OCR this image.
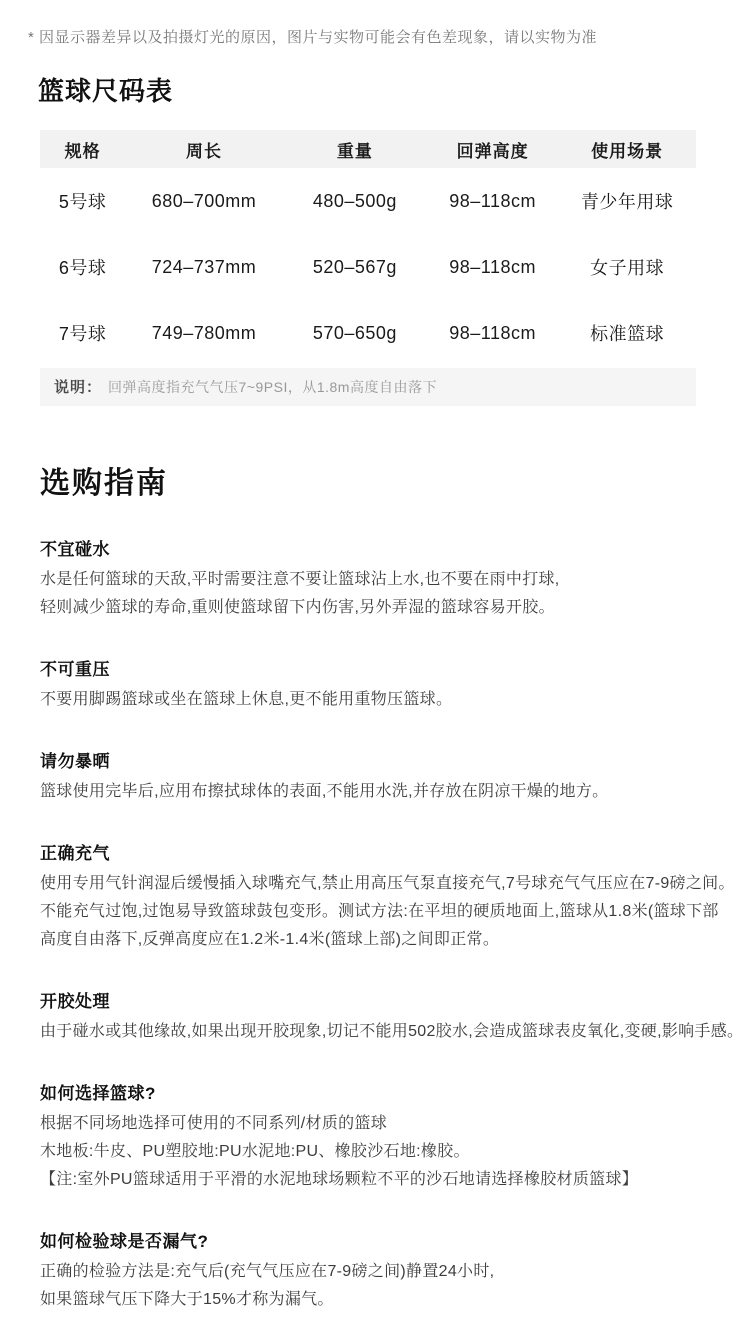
* 因显示器差异以及拍摄灯光的原因，图片与实物可能会有色差现象，请以实物为准
篮球尺码表
规格	周长	重量	回弹高度	使用场景
5号球	680–700mm	480–500g	98–118cm	青少年用球
6号球	724–737mm	520–567g	98–118cm	女子用球
7号球	749–780mm	570–650g	98–118cm	标准篮球
说明： 回弹高度指充气气压7~9PSI，从1.8m高度自由落下
选购指南
不宜碰水
水是任何篮球的天敌,平时需要注意不要让篮球沾上水,也不要在雨中打球,
轻则减少篮球的寿命,重则使篮球留下内伤害,另外弄湿的篮球容易开胶。
不可重压
不要用脚踢篮球或坐在篮球上休息,更不能用重物压篮球。
请勿暴晒
篮球使用完毕后,应用布擦拭球体的表面,不能用水洗,并存放在阴凉干燥的地方。
正确充气
使用专用气针润湿后缓慢插入球嘴充气,禁止用高压气泵直接充气,7号球充气气压应在7-9磅之间。
不能充气过饱,过饱易导致篮球鼓包变形。测试方法:在平坦的硬质地面上,篮球从1.8米(篮球下部
高度自由落下,反弹高度应在1.2米-1.4米(篮球上部)之间即正常。
开胶处理
由于碰水或其他缘故,如果出现开胶现象,切记不能用502胶水,会造成篮球表皮氧化,变硬,影响手感。
如何选择篮球?
根据不同场地选择可使用的不同系列/材质的篮球
木地板:牛皮、PU塑胶地:PU水泥地:PU、橡胶沙石地:橡胶。
【注:室外PU篮球适用于平滑的水泥地球场颗粒不平的沙石地请选择橡胶材质篮球】
如何检验球是否漏气?
正确的检验方法是:充气后(充气气压应在7-9磅之间)静置24小时,
如果篮球气压下降大于15%才称为漏气。
